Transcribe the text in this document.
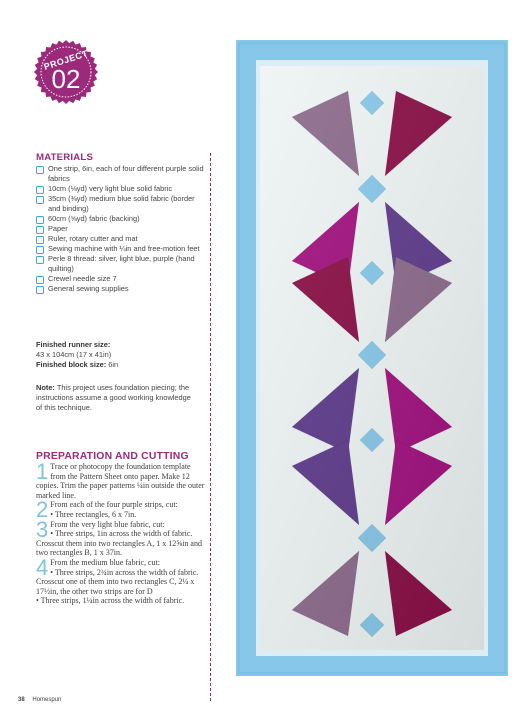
PROJECT
02
MATERIALS
One strip, 6in, each of four different purple solid fabrics
10cm (⅛yd) very light blue solid fabric
35cm (⅜yd) medium blue solid fabric (border and binding)
60cm (⅝yd) fabric (backing)
Paper
Ruler, rotary cutter and mat
Sewing machine with ¼in and free-motion feet
Perle 8 thread: silver, light blue, purple (hand quilting)
Crewel needle size 7
General sewing supplies
Finished runner size:
43 x 104cm (17 x 41in)
Finished block size: 6in
Note: This project uses foundation piecing; the instructions assume a good working knowledge of this technique.
PREPARATION AND CUTTING
1 Trace or photocopy the foundation template from the Pattern Sheet onto paper. Make 12 copies. Trim the paper patterns ¼in outside the outer marked line.
2 From each of the four purple strips, cut:
• Three rectangles, 6 x 7in.
3 From the very light blue fabric, cut:
• Three strips, 1in across the width of fabric. Crosscut them into two rectangles A, 1 x 12⅝in and two rectangles B, 1 x 37in.
4 From the medium blue fabric, cut:
• Three strips, 2¾in across the width of fabric. Crosscut one of them into two rectangles C, 2¼ x 17½in, the other two strips are for D
• Three strips, 1¼in across the width of fabric.
38 Homespun
